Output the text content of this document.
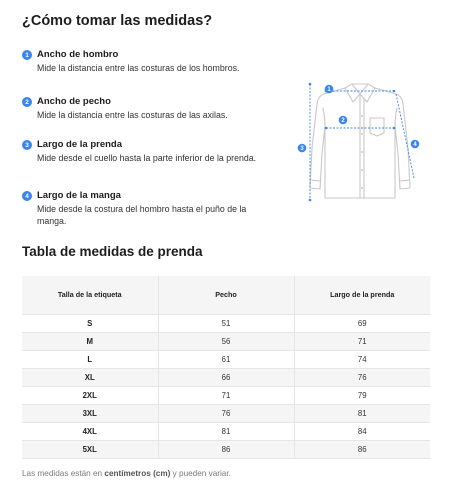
¿Cómo tomar las medidas?
1 Ancho de hombro
Mide la distancia entre las costuras de los hombros.
2 Ancho de pecho
Mide la distancia entre las costuras de las axilas.
3 Largo de la prenda
Mide desde el cuello hasta la parte inferior de la prenda.
4 Largo de la manga
Mide desde la costura del hombro hasta el puño de la manga.
1
2
3
4
Tabla de medidas de prenda
Talla de la etiqueta	Pecho	Largo de la prenda
S	51	69
M	56	71
L	61	74
XL	66	76
2XL	71	79
3XL	76	81
4XL	81	84
5XL	86	86
Las medidas están en centímetros (cm) y pueden variar.
